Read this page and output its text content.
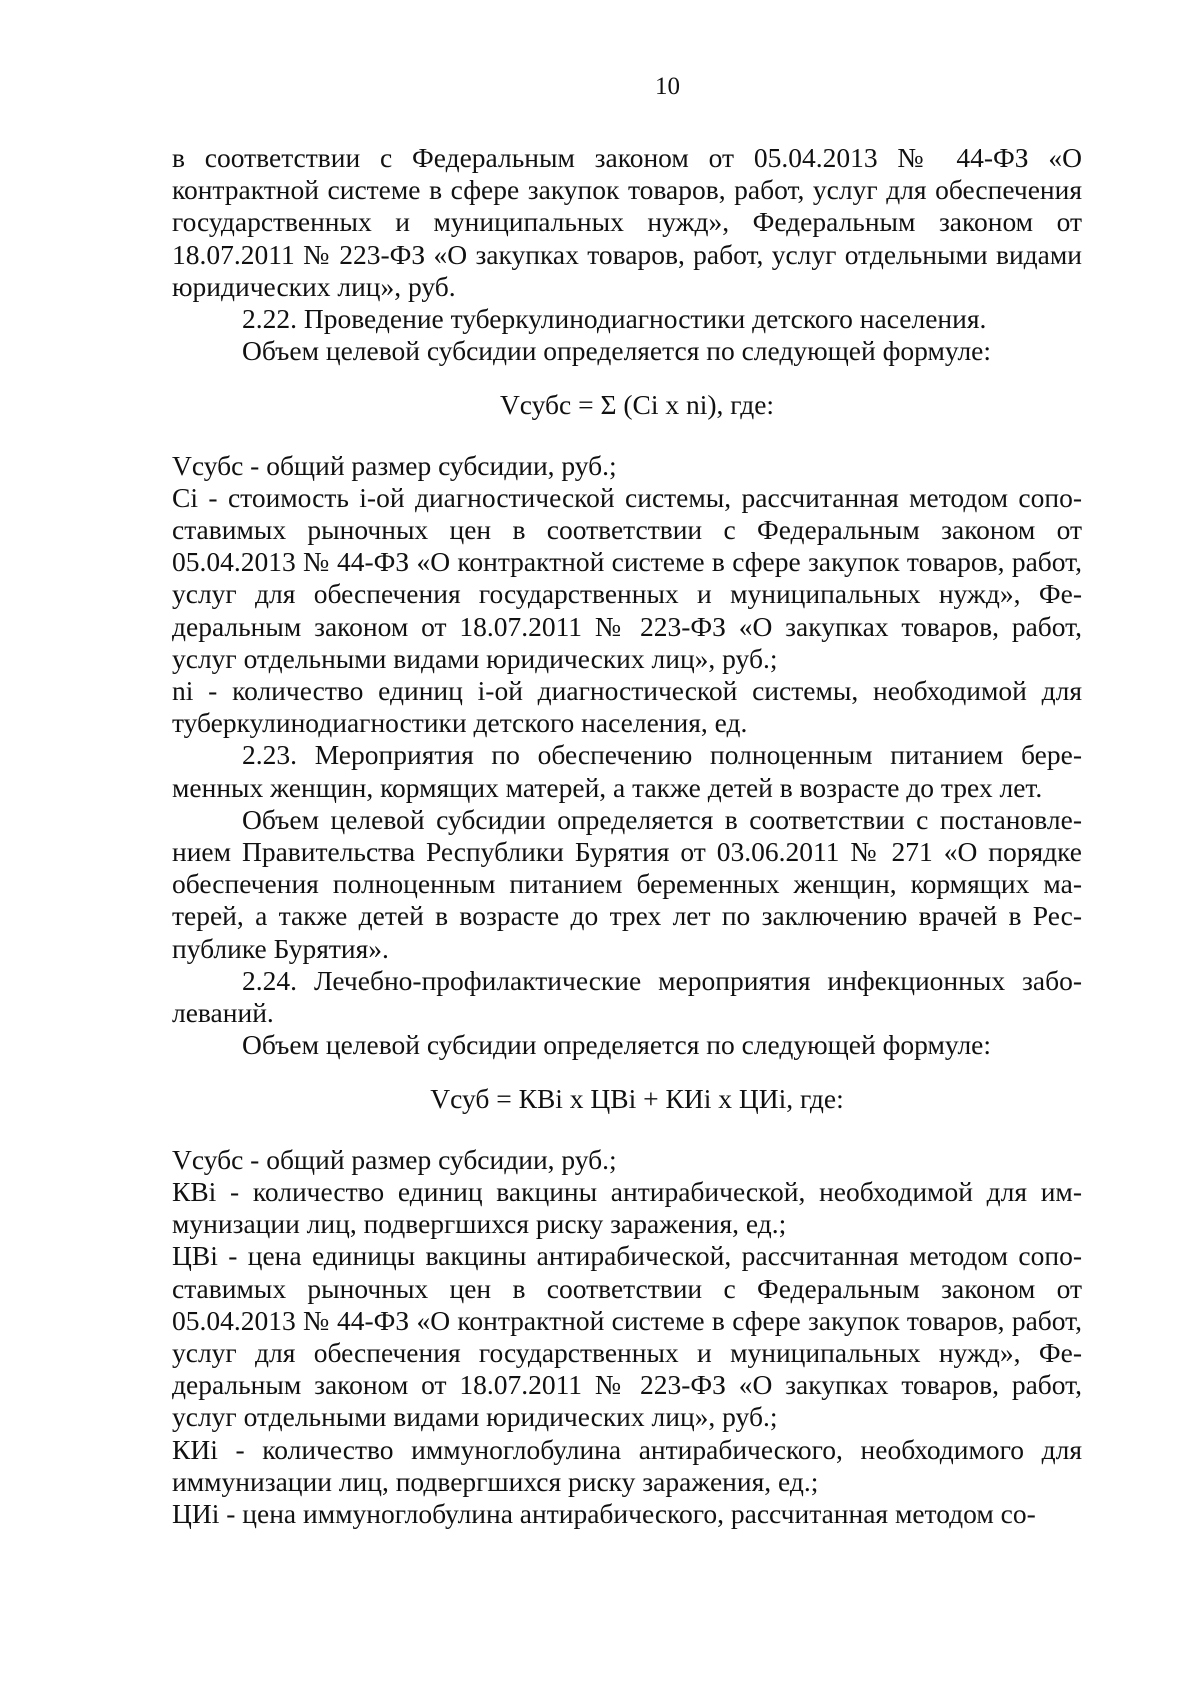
10

в соответствии с Федеральным законом от 05.04.2013 № 44-ФЗ «О контрактной системе в сфере закупок товаров, работ, услуг для обеспечения государственных и муниципальных нужд», Федеральным законом от 18.07.2011 № 223-ФЗ «О закупках товаров, работ, услуг отдельными видами юридических лиц», руб.

2.22. Проведение туберкулинодиагностики детского населения.

Объем целевой субсидии определяется по следующей формуле:

Vсубс = Σ (Ci x ni), где:

Vсубс - общий размер субсидии, руб.;

Ci - стоимость i-ой диагностической системы, рассчитанная методом сопоставимых рыночных цен в соответствии с Федеральным законом от 05.04.2013 № 44-ФЗ «О контрактной системе в сфере закупок товаров, работ, услуг для обеспечения государственных и муниципальных нужд», Федеральным законом от 18.07.2011 № 223-ФЗ «О закупках товаров, работ, услуг отдельными видами юридических лиц», руб.;

ni - количество единиц i-ой диагностической системы, необходимой для туберкулинодиагностики детского населения, ед.

2.23. Мероприятия по обеспечению полноценным питанием беременных женщин, кормящих матерей, а также детей в возрасте до трех лет.

Объем целевой субсидии определяется в соответствии с постановлением Правительства Республики Бурятия от 03.06.2011 № 271 «О порядке обеспечения полноценным питанием беременных женщин, кормящих матерей, а также детей в возрасте до трех лет по заключению врачей в Республике Бурятия».

2.24. Лечебно-профилактические мероприятия инфекционных заболеваний.

Объем целевой субсидии определяется по следующей формуле:

Vсуб = КВi x ЦВi + КИi x ЦИi, где:

Vсубс - общий размер субсидии, руб.;

КВi - количество единиц вакцины антирабической, необходимой для иммунизации лиц, подвергшихся риску заражения, ед.;

ЦВi - цена единицы вакцины антирабической, рассчитанная методом сопоставимых рыночных цен в соответствии с Федеральным законом от 05.04.2013 № 44-ФЗ «О контрактной системе в сфере закупок товаров, работ, услуг для обеспечения государственных и муниципальных нужд», Федеральным законом от 18.07.2011 № 223-ФЗ «О закупках товаров, работ, услуг отдельными видами юридических лиц», руб.;

КИi - количество иммуноглобулина антирабического, необходимого для иммунизации лиц, подвергшихся риску заражения, ед.;

ЦИi - цена иммуноглобулина антирабического, рассчитанная методом со-
